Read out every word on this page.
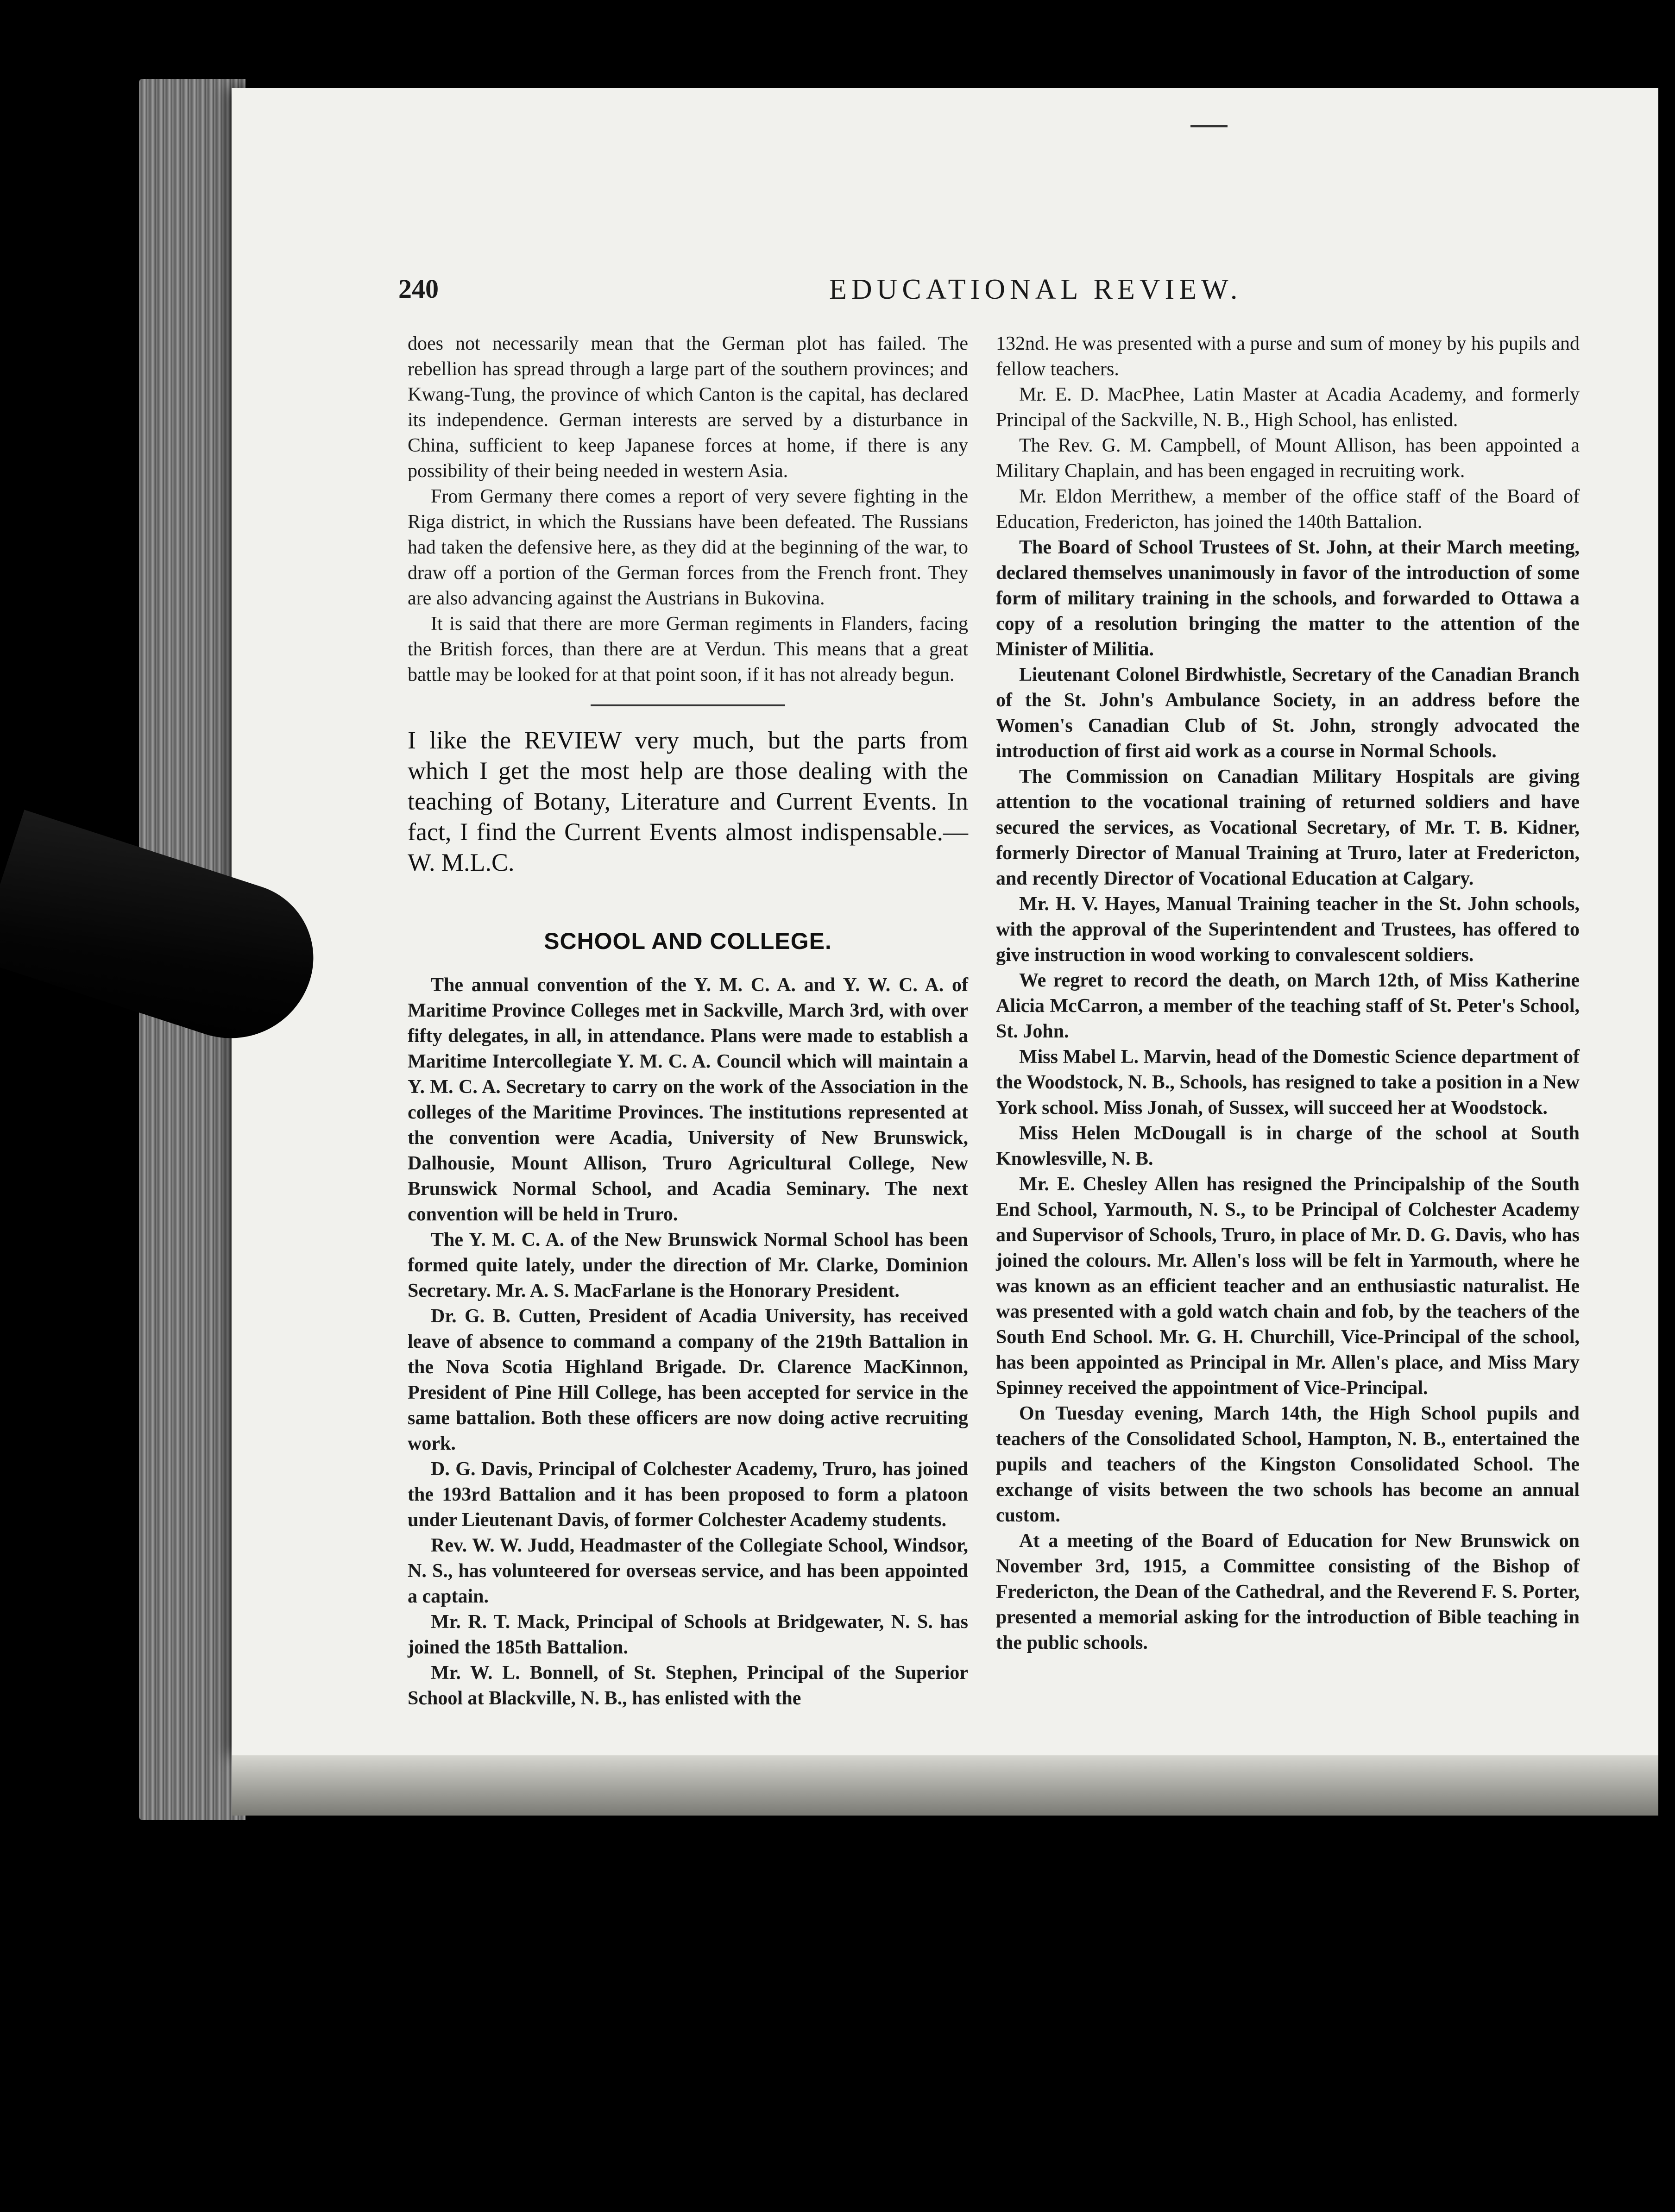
240	EDUCATIONAL REVIEW.

does not necessarily mean that the German plot has failed. The rebellion has spread through a large part of the southern provinces; and Kwang-Tung, the province of which Canton is the capital, has declared its independence. German interests are served by a disturbance in China, sufficient to keep Japanese forces at home, if there is any possibility of their being needed in western Asia.

From Germany there comes a report of very severe fighting in the Riga district, in which the Russians have been defeated. The Russians had taken the defensive here, as they did at the beginning of the war, to draw off a portion of the German forces from the French front. They are also advancing against the Austrians in Bukovina.

It is said that there are more German regiments in Flanders, facing the British forces, than there are at Verdun. This means that a great battle may be looked for at that point soon, if it has not already begun.

I like the REVIEW very much, but the parts from which I get the most help are those dealing with the teaching of Botany, Literature and Current Events. In fact, I find the Current Events almost indispensable.— W. M.L.C.
SCHOOL AND COLLEGE.

The annual convention of the Y. M. C. A. and Y. W. C. A. of Maritime Province Colleges met in Sackville, March 3rd, with over fifty delegates, in all, in attendance. Plans were made to establish a Maritime Intercollegiate Y. M. C. A. Council which will maintain a Y. M. C. A. Secretary to carry on the work of the Association in the colleges of the Maritime Provinces. The institutions represented at the convention were Acadia, University of New Brunswick, Dalhousie, Mount Allison, Truro Agricultural College, New Brunswick Normal School, and Acadia Seminary. The next convention will be held in Truro.

The Y. M. C. A. of the New Brunswick Normal School has been formed quite lately, under the direction of Mr. Clarke, Dominion Secretary. Mr. A. S. MacFarlane is the Honorary President.

Dr. G. B. Cutten, President of Acadia University, has received leave of absence to command a company of the 219th Battalion in the Nova Scotia Highland Brigade. Dr. Clarence MacKinnon, President of Pine Hill College, has been accepted for service in the same battalion. Both these officers are now doing active recruiting work.

D. G. Davis, Principal of Colchester Academy, Truro, has joined the 193rd Battalion and it has been proposed to form a platoon under Lieutenant Davis, of former Colchester Academy students.

Rev. W. W. Judd, Headmaster of the Collegiate School, Windsor, N. S., has volunteered for overseas service, and has been appointed a captain.

Mr. R. T. Mack, Principal of Schools at Bridgewater, N. S. has joined the 185th Battalion.

Mr. W. L. Bonnell, of St. Stephen, Principal of the Superior School at Blackville, N. B., has enlisted with the

132nd. He was presented with a purse and sum of money by his pupils and fellow teachers.

Mr. E. D. MacPhee, Latin Master at Acadia Academy, and formerly Principal of the Sackville, N. B., High School, has enlisted.

The Rev. G. M. Campbell, of Mount Allison, has been appointed a Military Chaplain, and has been engaged in recruiting work.

Mr. Eldon Merrithew, a member of the office staff of the Board of Education, Fredericton, has joined the 140th Battalion.

The Board of School Trustees of St. John, at their March meeting, declared themselves unanimously in favor of the introduction of some form of military training in the schools, and forwarded to Ottawa a copy of a resolution bringing the matter to the attention of the Minister of Militia.

Lieutenant Colonel Birdwhistle, Secretary of the Canadian Branch of the St. John's Ambulance Society, in an address before the Women's Canadian Club of St. John, strongly advocated the introduction of first aid work as a course in Normal Schools.

The Commission on Canadian Military Hospitals are giving attention to the vocational training of returned soldiers and have secured the services, as Vocational Secretary, of Mr. T. B. Kidner, formerly Director of Manual Training at Truro, later at Fredericton, and recently Director of Vocational Education at Calgary.

Mr. H. V. Hayes, Manual Training teacher in the St. John schools, with the approval of the Superintendent and Trustees, has offered to give instruction in wood working to convalescent soldiers.

We regret to record the death, on March 12th, of Miss Katherine Alicia McCarron, a member of the teaching staff of St. Peter's School, St. John.

Miss Mabel L. Marvin, head of the Domestic Science department of the Woodstock, N. B., Schools, has resigned to take a position in a New York school. Miss Jonah, of Sussex, will succeed her at Woodstock.

Miss Helen McDougall is in charge of the school at South Knowlesville, N. B.

Mr. E. Chesley Allen has resigned the Principalship of the South End School, Yarmouth, N. S., to be Principal of Colchester Academy and Supervisor of Schools, Truro, in place of Mr. D. G. Davis, who has joined the colours. Mr. Allen's loss will be felt in Yarmouth, where he was known as an efficient teacher and an enthusiastic naturalist. He was presented with a gold watch chain and fob, by the teachers of the South End School. Mr. G. H. Churchill, Vice-Principal of the school, has been appointed as Principal in Mr. Allen's place, and Miss Mary Spinney received the appointment of Vice-Principal.

On Tuesday evening, March 14th, the High School pupils and teachers of the Consolidated School, Hampton, N. B., entertained the pupils and teachers of the Kingston Consolidated School. The exchange of visits between the two schools has become an annual custom.

At a meeting of the Board of Education for New Brunswick on November 3rd, 1915, a Committee consisting of the Bishop of Fredericton, the Dean of the Cathedral, and the Reverend F. S. Porter, presented a memorial asking for the introduction of Bible teaching in the public schools.
